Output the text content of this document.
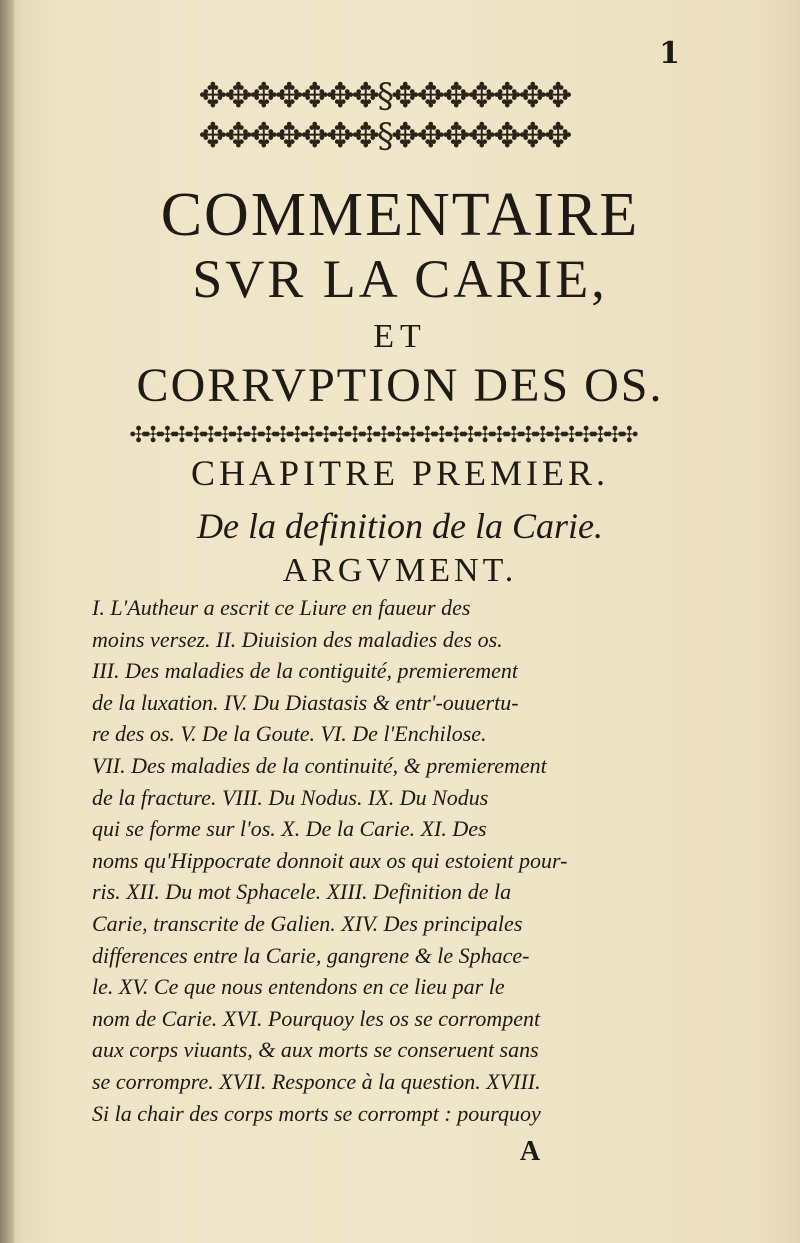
1
✥✥✥✥✥✥✥§✥✥✥✥✥✥✥
✥✥✥✥✥✥✥§✥✥✥✥✥✥✥
COMMENTAIRE
SVR LA CARIE,
ET
CORRVPTION DES OS.
✣✣✣✣✣✣✣✣✣✣✣✣✣✣✣✣✣✣✣✣✣✣✣✣✣✣✣✣✣✣✣✣✣✣✣
CHAPITRE PREMIER.
De la definition de la Carie.
ARGVMENT.
I. L'Autheur a escrit ce Liure en faueur des
moins versez. II. Diuision des maladies des os.
III. Des maladies de la contiguité, premierement
de la luxation. IV. Du Diastasis & entr'-ouuertu-
re des os. V. De la Goute. VI. De l'Enchilose.
VII. Des maladies de la continuité, & premierement
de la fracture. VIII. Du Nodus. IX. Du Nodus
qui se forme sur l'os. X. De la Carie. XI. Des
noms qu'Hippocrate donnoit aux os qui estoient pour-
ris. XII. Du mot Sphacele. XIII. Definition de la
Carie, transcrite de Galien. XIV. Des principales
differences entre la Carie, gangrene & le Sphace-
le. XV. Ce que nous entendons en ce lieu par le
nom de Carie. XVI. Pourquoy les os se corrompent
aux corps viuants, & aux morts se conseruent sans
se corrompre. XVII. Responce à la question. XVIII.
Si la chair des corps morts se corrompt : pourquoy
A
